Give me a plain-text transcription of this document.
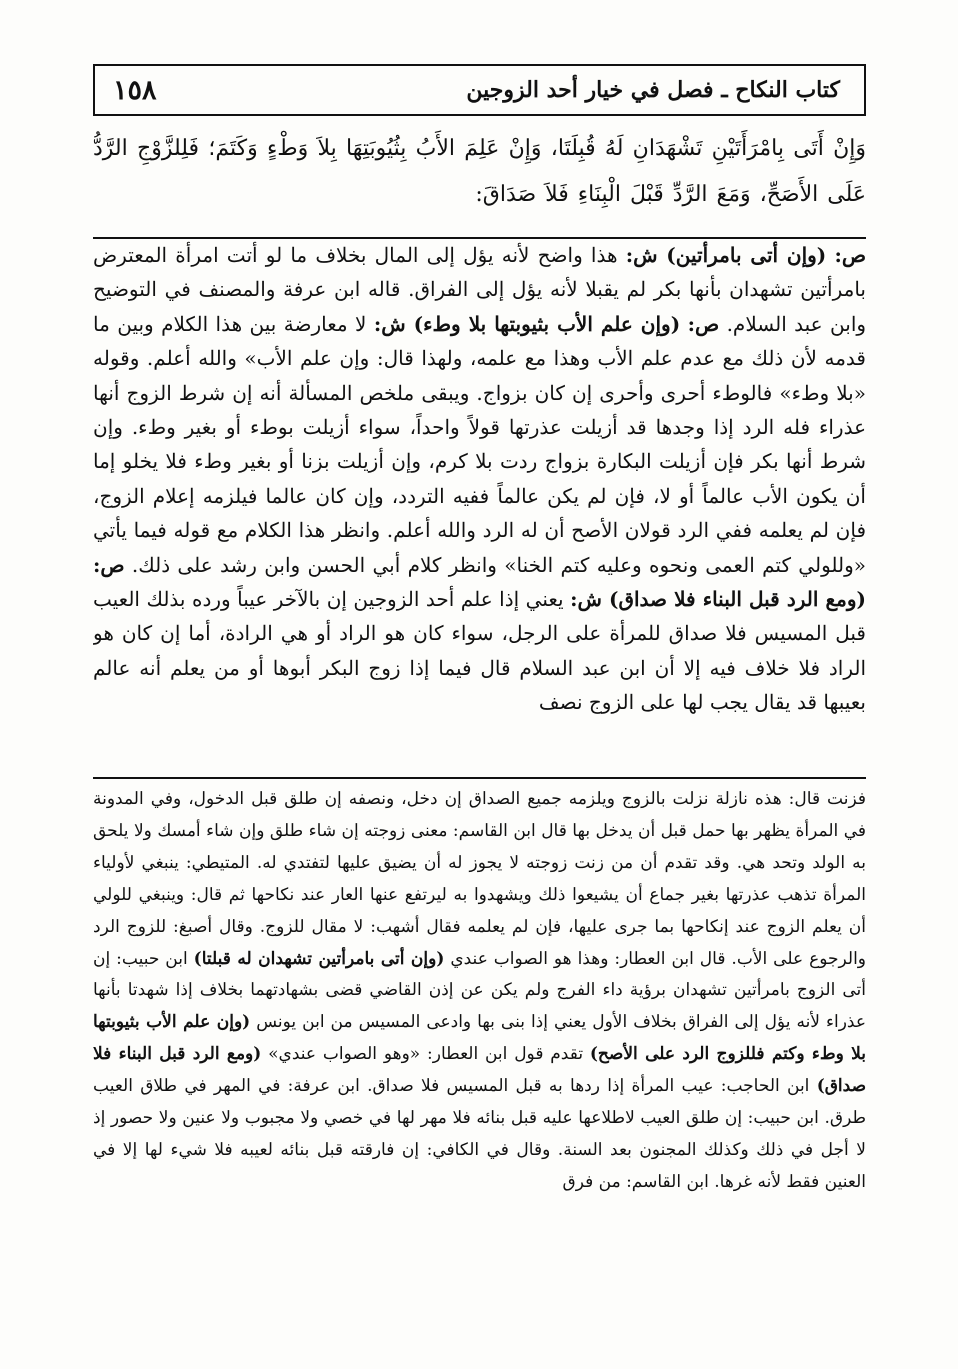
كتاب النكاح ـ فصل في خيار أحد الزوجين
١٥٨
وَإِنْ أَتَى بِامْرَأَتَيْنِ تَشْهَدَانِ لَهُ قُبِلَتَا، وَإِنْ عَلِمَ الأَبُ بِثُيُوبَتِهَا بِلاَ وَطْءٍ وَكَتَمَ؛ فَلِلزَّوْجِ الرَّدُّ عَلَى الأَصَحِّ، وَمَعَ الرَّدِّ قَبْلَ الْبِنَاءِ فَلاَ صَدَاقَ:
ص: (وإن أتى بامرأتين) ش: هذا واضح لأنه يؤل إلى المال بخلاف ما لو أتت امرأة المعترض بامرأتين تشهدان بأنها بكر لم يقبلا لأنه يؤل إلى الفراق. قاله ابن عرفة والمصنف في التوضيح وابن عبد السلام. ص: (وإن علم الأب بثيوبتها بلا وطء) ش: لا معارضة بين هذا الكلام وبين ما قدمه لأن ذلك مع عدم علم الأب وهذا مع علمه، ولهذا قال: وإن علم الأب» والله أعلم. وقوله «بلا وطء» فالوطء أحرى وأحرى إن كان بزواج. ويبقى ملخص المسألة أنه إن شرط الزوج أنها عذراء فله الرد إذا وجدها قد أزيلت عذرتها قولاً واحداً، سواء أزيلت بوطء أو بغير وطء. وإن شرط أنها بكر فإن أزيلت البكارة بزواج ردت بلا كرم، وإن أزيلت بزنا أو بغير وطء فلا يخلو إما أن يكون الأب عالماً أو لا، فإن لم يكن عالماً ففيه التردد، وإن كان عالما فيلزمه إعلام الزوج، فإن لم يعلمه ففي الرد قولان الأصح أن له الرد والله أعلم. وانظر هذا الكلام مع قوله فيما يأتي «وللولي كتم العمى ونحوه وعليه كتم الخنا» وانظر كلام أبي الحسن وابن رشد على ذلك. ص: (ومع الرد قبل البناء فلا صداق) ش: يعني إذا علم أحد الزوجين إن بالآخر عيباً ورده بذلك العيب قبل المسيس فلا صداق للمرأة على الرجل، سواء كان هو الراد أو هي الرادة، أما إن كان هو الراد فلا خلاف فيه إلا أن ابن عبد السلام قال فيما إذا زوج البكر أبوها أو من يعلم أنه عالم بعيبها قد يقال يجب لها على الزوج نصف
فزنت قال: هذه نازلة نزلت بالزوج ويلزمه جميع الصداق إن دخل، ونصفه إن طلق قبل الدخول، وفي المدونة في المرأة يظهر بها حمل قبل أن يدخل بها قال ابن القاسم: معنى زوجته إن شاء طلق وإن شاء أمسك ولا يلحق به الولد وتحد هي. وقد تقدم أن من زنت زوجته لا يجوز له أن يضيق عليها لتفتدي له. المتيطي: ينبغي لأولياء المرأة تذهب عذرتها بغير جماع أن يشيعوا ذلك ويشهدوا به ليرتفع عنها العار عند نكاحها ثم قال: وينبغي للولي أن يعلم الزوج عند إنكاحها بما جرى عليها، فإن لم يعلمه فقال أشهب: لا مقال للزوج. وقال أصبغ: للزوج الرد والرجوع على الأب. قال ابن العطار: وهذا هو الصواب عندي (وإن أتى بامرأتين تشهدان له قبلتا) ابن حبيب: إن أتى الزوج بامرأتين تشهدان برؤية داء الفرج ولم يكن عن إذن القاضي قضى بشهادتهما بخلاف إذا شهدتا بأنها عذراء لأنه يؤل إلى الفراق بخلاف الأول يعني إذا بنى بها وادعى المسيس من ابن يونس (وإن علم الأب بثيوبتها بلا وطء وكتم فللزوج الرد على الأصح) تقدم قول ابن العطار: «وهو الصواب عندي» (ومع الرد قبل البناء فلا صداق) ابن الحاجب: عيب المرأة إذا ردها به قبل المسيس فلا صداق. ابن عرفة: في المهر في طلاق العيب طرق. ابن حبيب: إن طلق العيب لاطلاعها عليه قبل بنائه فلا مهر لها في خصي ولا مجبوب ولا عنين ولا حصور إذ لا أجل في ذلك وكذلك المجنون بعد السنة. وقال في الكافي: إن فارقته قبل بنائه لعيبه فلا شيء لها إلا في العنين فقط لأنه غرها. ابن القاسم: من فرق
